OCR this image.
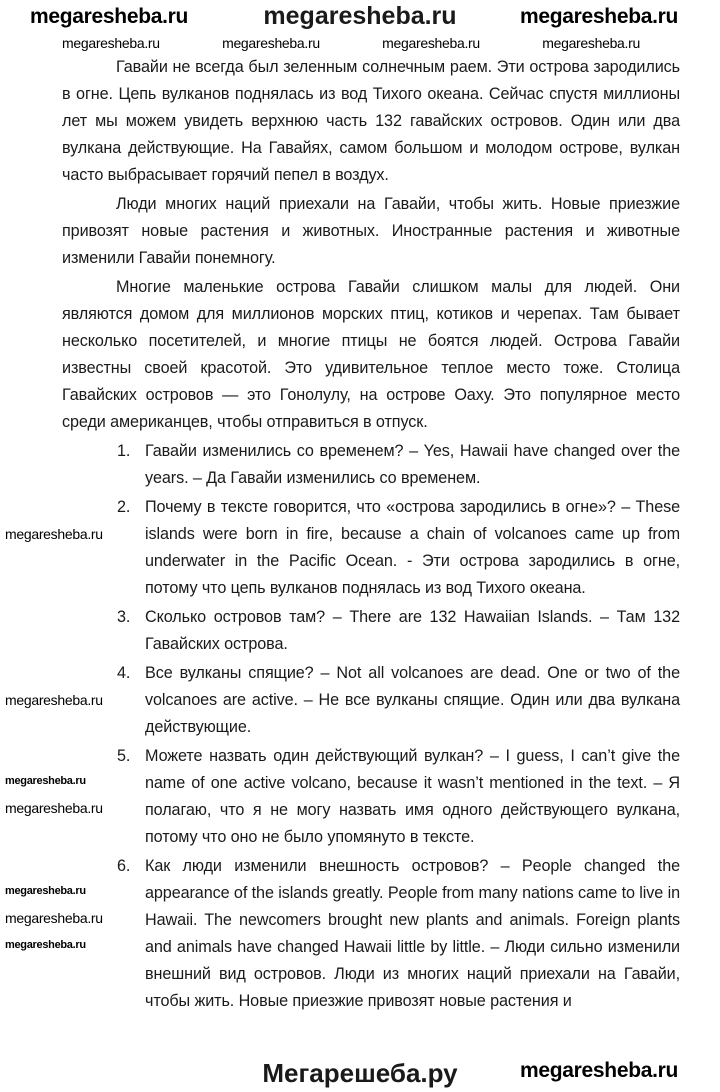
megaresheba.ru	megaresheba.ru	megaresheba.ru
megaresheba.ru	megaresheba.ru	megaresheba.ru	megaresheba.ru

Гавайи не всегда был зеленным солнечным раем. Эти острова зародились в огне. Цепь вулканов поднялась из вод Тихого океана. Сейчас спустя миллионы лет мы можем увидеть верхнюю часть 132 гавайских островов. Один или два вулкана действующие. На Гавайях, самом большом и молодом острове, вулкан часто выбрасывает горячий пепел в воздух.

Люди многих наций приехали на Гавайи, чтобы жить. Новые приезжие привозят новые растения и животных. Иностранные растения и животные изменили Гавайи понемногу.

Многие маленькие острова Гавайи слишком малы для людей. Они являются домом для миллионов морских птиц, котиков и черепах. Там бывает несколько посетителей, и многие птицы не боятся людей. Острова Гавайи известны своей красотой. Это удивительное теплое место тоже. Столица Гавайских островов — это Гонолулу, на острове Оаху. Это популярное место среди американцев, чтобы отправиться в отпуск.

1. Гавайи изменились со временем? – Yes, Hawaii have changed over the years. – Да Гавайи изменились со временем.
2. Почему в тексте говорится, что «острова зародились в огне»? – These islands were born in fire, because a chain of volcanoes came up from underwater in the Pacific Ocean. - Эти острова зародились в огне, потому что цепь вулканов поднялась из вод Тихого океана.
megaresheba.ru
3. Сколько островов там? – There are 132 Hawaiian Islands. – Там 132 Гавайских острова.
4. Все вулканы спящие? – Not all volcanoes are dead. One or two of the volcanoes are active. – Не все вулканы спящие. Один или два вулкана действующие.
megaresheba.ru
5. Можете назвать один действующий вулкан? – I guess, I can’t give the name of one active volcano, because it wasn’t mentioned in the text. – Я полагаю, что я не могу назвать имя одного действующего вулкана, потому что оно не было упомянуто в тексте.
megaresheba.ru
megaresheba.ru
6. Как люди изменили внешность островов? – People changed the appearance of the islands greatly. People from many nations came to live in Hawaii. The newcomers brought new plants and animals. Foreign plants and animals have changed Hawaii little by little. – Люди сильно изменили внешний вид островов. Люди из многих наций приехали на Гавайи, чтобы жить. Новые приезжие привозят новые растения и
megaresheba.ru
megaresheba.ru
megaresheba.ru
Мегарешеба.ру	megaresheba.ru
